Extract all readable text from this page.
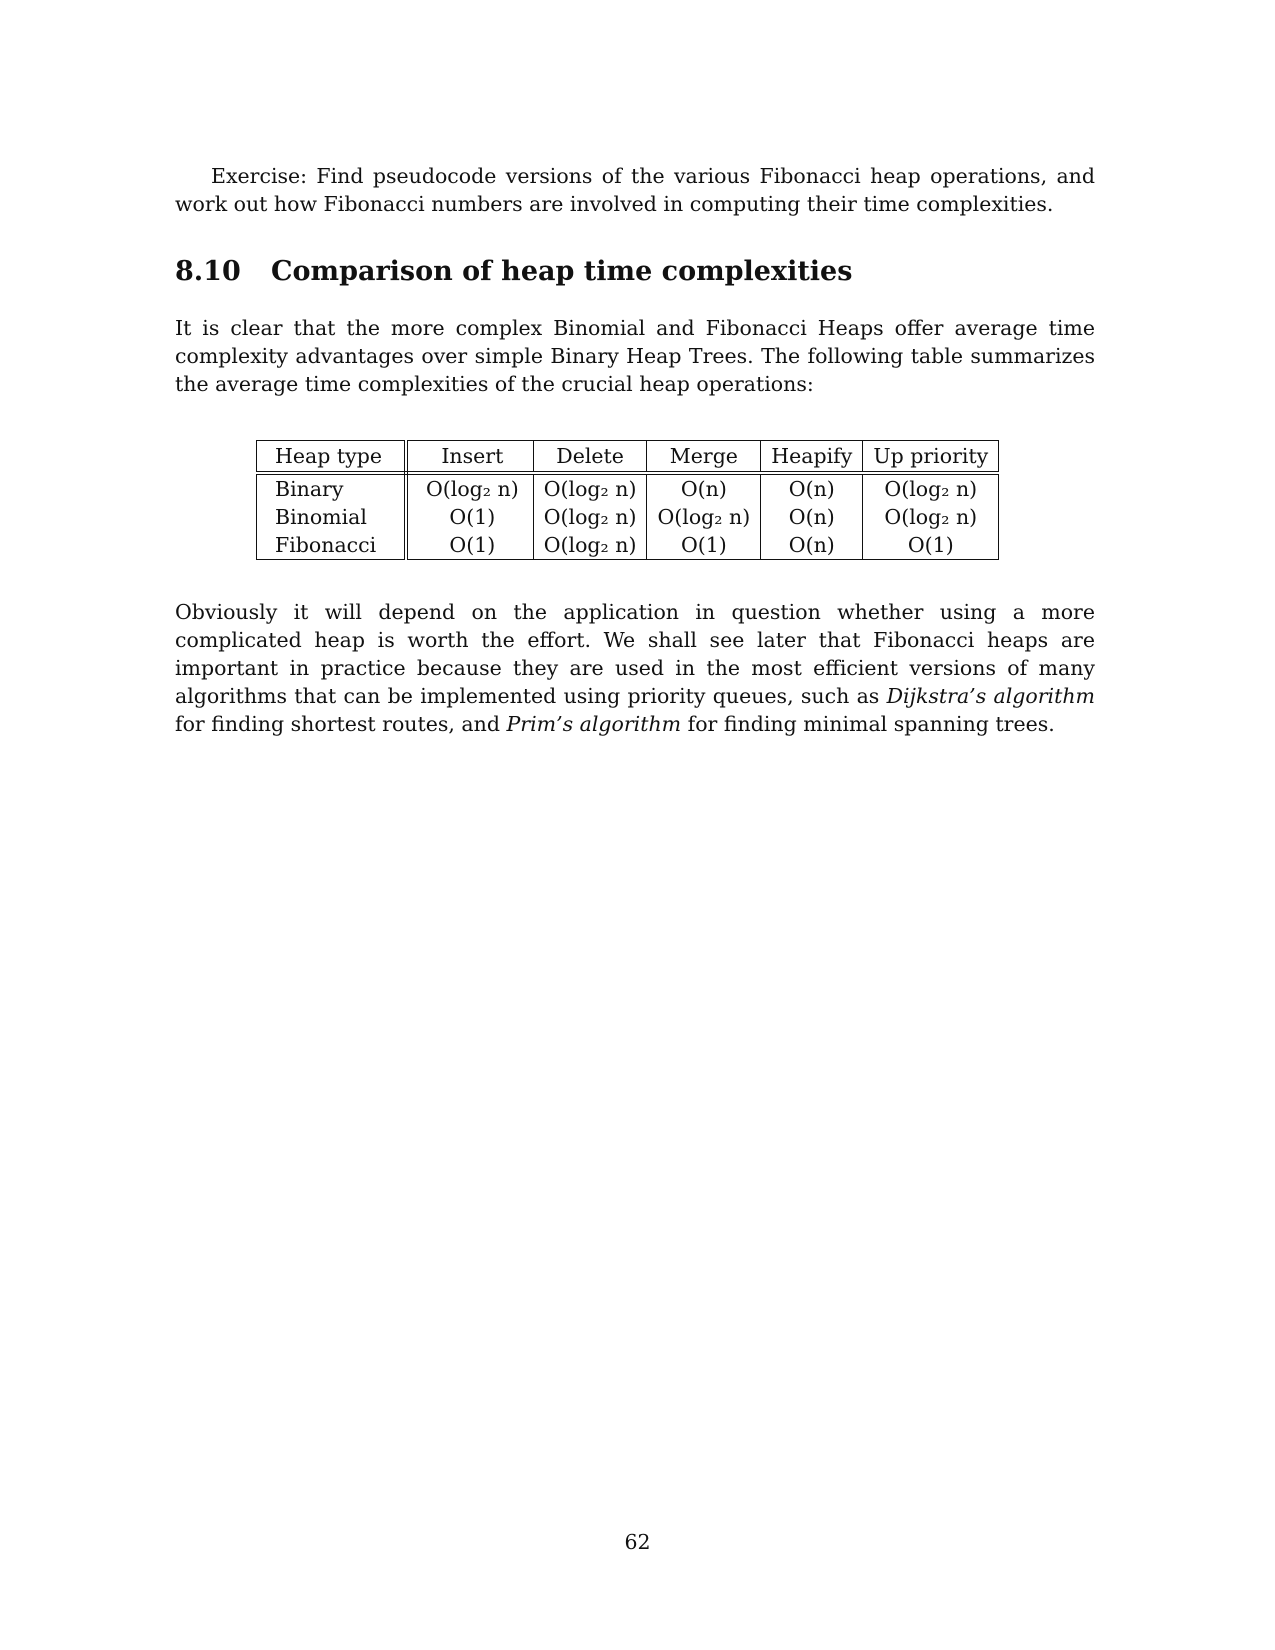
Exercise: Find pseudocode versions of the various Fibonacci heap operations, and work out how Fibonacci numbers are involved in computing their time complexities.

8.10 Comparison of heap time complexities

It is clear that the more complex Binomial and Fibonacci Heaps offer average time complexity advantages over simple Binary Heap Trees. The following table summarizes the average time complexities of the crucial heap operations:

Heap type	Insert	Delete	Merge	Heapify	Up priority
Binary	O(log₂ n)	O(log₂ n)	O(n)	O(n)	O(log₂ n)
Binomial	O(1)	O(log₂ n)	O(log₂ n)	O(n)	O(log₂ n)
Fibonacci	O(1)	O(log₂ n)	O(1)	O(n)	O(1)

Obviously it will depend on the application in question whether using a more complicated heap is worth the effort. We shall see later that Fibonacci heaps are important in practice because they are used in the most efficient versions of many algorithms that can be implemented using priority queues, such as Dijkstra’s algorithm for finding shortest routes, and Prim’s algorithm for finding minimal spanning trees.

62
